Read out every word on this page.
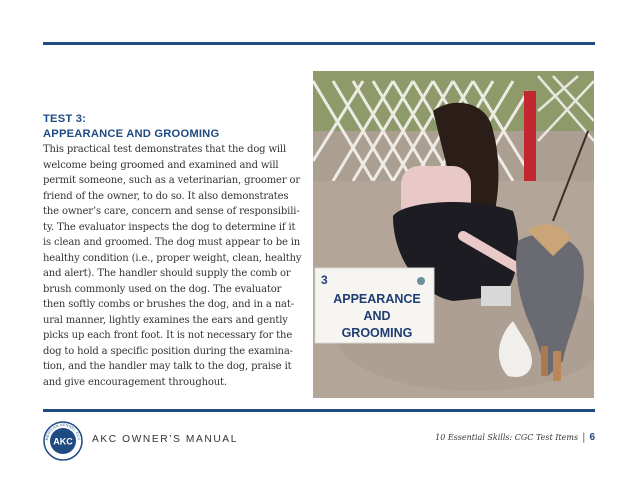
TEST 3:

APPEARANCE AND GROOMING

This practical test demonstrates that the dog will
welcome being groomed and examined and will
permit someone, such as a veterinarian, groomer or
friend of the owner, to do so. It also demonstrates
the owner’s care, concern and sense of responsibili-
ty. The evaluator inspects the dog to determine if it
is clean and groomed. The dog must appear to be in
healthy condition (i.e., proper weight, clean, healthy
and alert). The handler should supply the comb or
brush commonly used on the dog. The evaluator
then softly combs or brushes the dog, and in a nat-
ural manner, lightly examines the ears and gently
picks up each front foot. It is not necessary for the
dog to hold a specific position during the examina-
tion, and the handler may talk to the dog, praise it
and give encouragement throughout.

3
APPEARANCE
AND
GROOMING
AKC
MERICAN KENNEL CLU AKC OWNER’S MANUAL	10 Essential Skills: CGC Test Items | 6
